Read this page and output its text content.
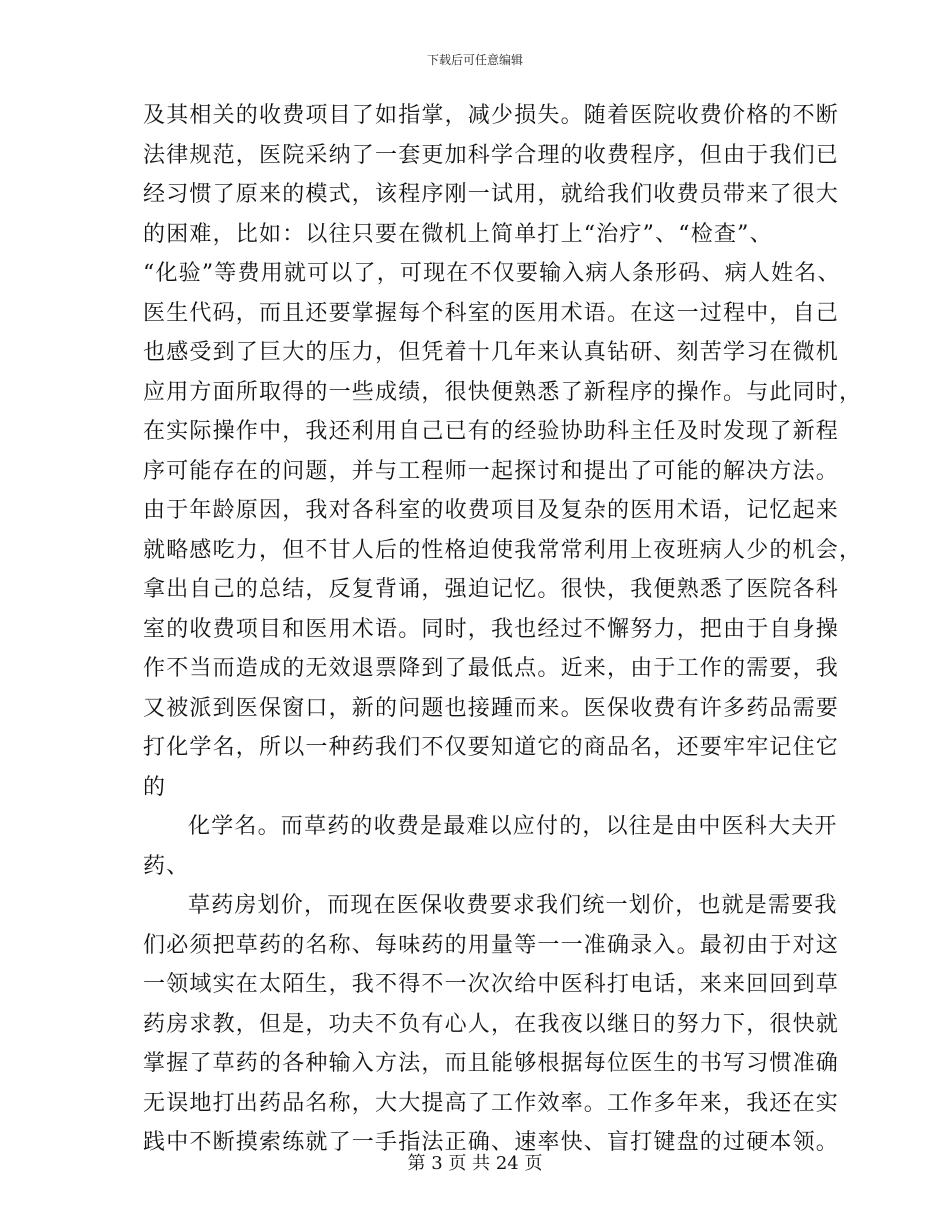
下载后可任意编辑
及其相关的收费项目了如指掌，减少损失。随着医院收费价格的不断
法律规范，医院采纳了一套更加科学合理的收费程序，但由于我们已
经习惯了原来的模式，该程序刚一试用，就给我们收费员带来了很大
的困难，比如：以往只要在微机上简单打上“治疗”、“检查”、
“化验”等费用就可以了，可现在不仅要输入病人条形码、病人姓名、
医生代码，而且还要掌握每个科室的医用术语。在这一过程中，自己
也感受到了巨大的压力，但凭着十几年来认真钻研、刻苦学习在微机
应用方面所取得的一些成绩，很快便熟悉了新程序的操作。与此同时，
在实际操作中，我还利用自己已有的经验协助科主任及时发现了新程
序可能存在的问题，并与工程师一起探讨和提出了可能的解决方法。
由于年龄原因，我对各科室的收费项目及复杂的医用术语，记忆起来
就略感吃力，但不甘人后的性格迫使我常常利用上夜班病人少的机会，
拿出自己的总结，反复背诵，强迫记忆。很快，我便熟悉了医院各科
室的收费项目和医用术语。同时，我也经过不懈努力，把由于自身操
作不当而造成的无效退票降到了最低点。近来，由于工作的需要，我
又被派到医保窗口，新的问题也接踵而来。医保收费有许多药品需要
打化学名，所以一种药我们不仅要知道它的商品名，还要牢牢记住它
的
化学名。而草药的收费是最难以应付的，以往是由中医科大夫开
药、
草药房划价，而现在医保收费要求我们统一划价，也就是需要我
们必须把草药的名称、每味药的用量等一一准确录入。最初由于对这
一领域实在太陌生，我不得不一次次给中医科打电话，来来回回到草
药房求教，但是，功夫不负有心人，在我夜以继日的努力下，很快就
掌握了草药的各种输入方法，而且能够根据每位医生的书写习惯准确
无误地打出药品名称，大大提高了工作效率。工作多年来，我还在实
践中不断摸索练就了一手指法正确、速率快、盲打键盘的过硬本领。
第 3 页 共 24 页
